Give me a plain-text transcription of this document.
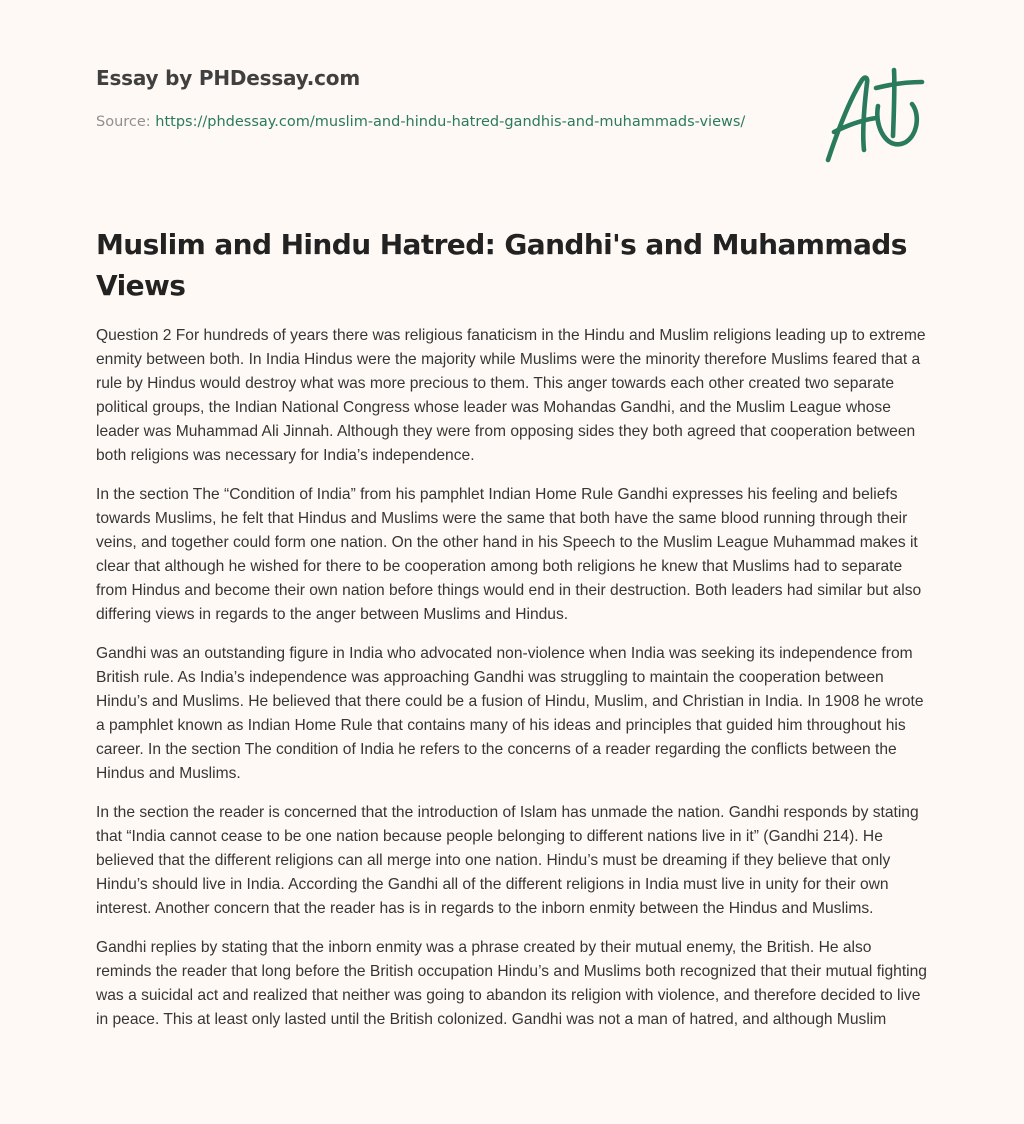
Essay by PHDessay.com
Source: https://phdessay.com/muslim-and-hindu-hatred-gandhis-and-muhammads-views/
Muslim and Hindu Hatred: Gandhi's and Muhammads Views

Question 2 For hundreds of years there was religious fanaticism in the Hindu and Muslim religions leading up to extreme enmity between both. In India Hindus were the majority while Muslims were the minority therefore Muslims feared that a rule by Hindus would destroy what was more precious to them. This anger towards each other created two separate political groups, the Indian National Congress whose leader was Mohandas Gandhi, and the Muslim League whose leader was Muhammad Ali Jinnah. Although they were from opposing sides they both agreed that cooperation between both religions was necessary for India’s independence.

In the section The “Condition of India” from his pamphlet Indian Home Rule Gandhi expresses his feeling and beliefs towards Muslims, he felt that Hindus and Muslims were the same that both have the same blood running through their veins, and together could form one nation. On the other hand in his Speech to the Muslim League Muhammad makes it clear that although he wished for there to be cooperation among both religions he knew that Muslims had to separate from Hindus and become their own nation before things would end in their destruction. Both leaders had similar but also differing views in regards to the anger between Muslims and Hindus.

Gandhi was an outstanding figure in India who advocated non-violence when India was seeking its independence from British rule. As India’s independence was approaching Gandhi was struggling to maintain the cooperation between Hindu’s and Muslims. He believed that there could be a fusion of Hindu, Muslim, and Christian in India. In 1908 he wrote a pamphlet known as Indian Home Rule that contains many of his ideas and principles that guided him throughout his career. In the section The condition of India he refers to the concerns of a reader regarding the conflicts between the Hindus and Muslims.

In the section the reader is concerned that the introduction of Islam has unmade the nation. Gandhi responds by stating that “India cannot cease to be one nation because people belonging to different nations live in it” (Gandhi 214). He believed that the different religions can all merge into one nation. Hindu’s must be dreaming if they believe that only Hindu’s should live in India. According the Gandhi all of the different religions in India must live in unity for their own interest. Another concern that the reader has is in regards to the inborn enmity between the Hindus and Muslims.

Gandhi replies by stating that the inborn enmity was a phrase created by their mutual enemy, the British. He also reminds the reader that long before the British occupation Hindu’s and Muslims both recognized that their mutual fighting was a suicidal act and realized that neither was going to abandon its religion with violence, and therefore decided to live in peace. This at least only lasted until the British colonized. Gandhi was not a man of hatred, and although Muslim
